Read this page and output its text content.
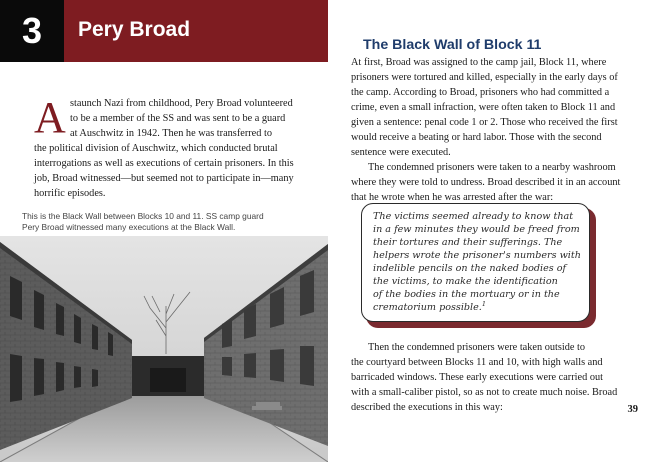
3	Pery Broad
A staunch Nazi from childhood, Pery Broad volunteered
to be a member of the SS and was sent to be a guard
at Auschwitz in 1942. Then he was transferred to
the political division of Auschwitz, which conducted brutal
interrogations as well as executions of certain prisoners. In this
job, Broad witnessed—but seemed not to participate in—many
horrific episodes.
This is the Black Wall between Blocks 10 and 11. SS camp guard
Pery Broad witnessed many executions at the Black Wall.
The Black Wall of Block 11
At first, Broad was assigned to the camp jail, Block 11, where
prisoners were tortured and killed, especially in the early days of
the camp. According to Broad, prisoners who had committed a
crime, even a small infraction, were often taken to Block 11 and
given a sentence: penal code 1 or 2. Those who received the first
would receive a beating or hard labor. Those with the second
sentence were executed.
The condemned prisoners were taken to a nearby washroom
where they were told to undress. Broad described it in an account
that he wrote when he was arrested after the war:
The victims seemed already to know that
in a few minutes they would be freed from
their tortures and their sufferings. The
helpers wrote the prisoner's numbers with
indelible pencils on the naked bodies of
the victims, to make the identification
of the bodies in the mortuary or in the
crematorium possible.$^1$
Then the condemned prisoners were taken outside to
the courtyard between Blocks 11 and 10, with high walls and
barricaded windows. These early executions were carried out
with a small-caliber pistol, so as not to create much noise. Broad
described the executions in this way:	39
